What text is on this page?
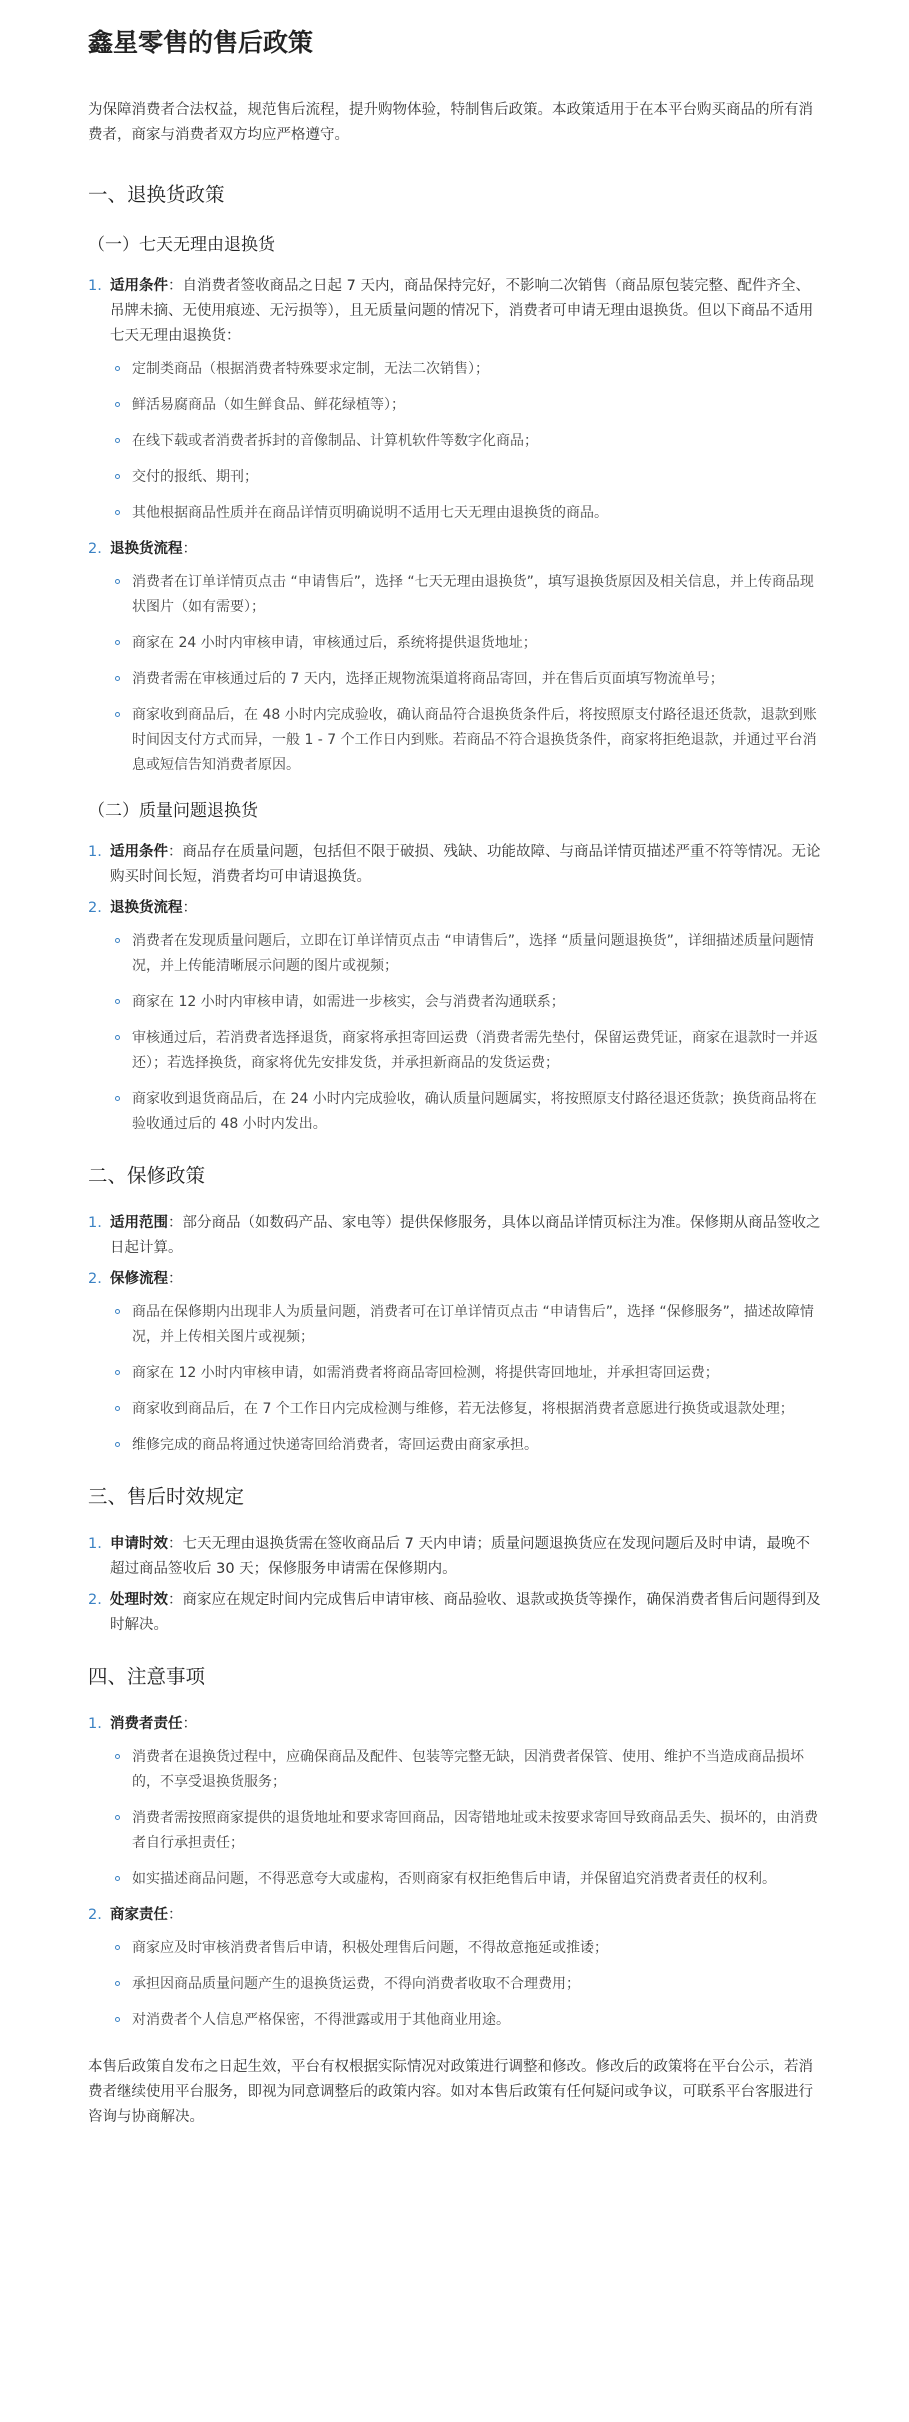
鑫星零售的售后政策

为保障消费者合法权益，规范售后流程，提升购物体验，特制售后政策。本政策适用于在本平台购买商品的所有消费者，商家与消费者双方均应严格遵守。

一、退换货政策
（一）七天无理由退换货
1. 适用条件：自消费者签收商品之日起 7 天内，商品保持完好，不影响二次销售（商品原包装完整、配件齐全、吊牌未摘、无使用痕迹、无污损等），且无质量问题的情况下，消费者可申请无理由退换货。但以下商品不适用七天无理由退换货：
定制类商品（根据消费者特殊要求定制，无法二次销售）；
鲜活易腐商品（如生鲜食品、鲜花绿植等）；
在线下载或者消费者拆封的音像制品、计算机软件等数字化商品；
交付的报纸、期刊；
其他根据商品性质并在商品详情页明确说明不适用七天无理由退换货的商品。
2. 退换货流程：
消费者在订单详情页点击 “申请售后”，选择 “七天无理由退换货”，填写退换货原因及相关信息，并上传商品现状图片（如有需要）；
商家在 24 小时内审核申请，审核通过后，系统将提供退货地址；
消费者需在审核通过后的 7 天内，选择正规物流渠道将商品寄回，并在售后页面填写物流单号；
商家收到商品后，在 48 小时内完成验收，确认商品符合退换货条件后，将按照原支付路径退还货款，退款到账时间因支付方式而异，一般 1 - 7 个工作日内到账。若商品不符合退换货条件，商家将拒绝退款，并通过平台消息或短信告知消费者原因。
（二）质量问题退换货
1. 适用条件：商品存在质量问题，包括但不限于破损、残缺、功能故障、与商品详情页描述严重不符等情况。无论购买时间长短，消费者均可申请退换货。
2. 退换货流程：
消费者在发现质量问题后，立即在订单详情页点击 “申请售后”，选择 “质量问题退换货”，详细描述质量问题情况，并上传能清晰展示问题的图片或视频；
商家在 12 小时内审核申请，如需进一步核实，会与消费者沟通联系；
审核通过后，若消费者选择退货，商家将承担寄回运费（消费者需先垫付，保留运费凭证，商家在退款时一并返还）；若选择换货，商家将优先安排发货，并承担新商品的发货运费；
商家收到退货商品后，在 24 小时内完成验收，确认质量问题属实，将按照原支付路径退还货款；换货商品将在验收通过后的 48 小时内发出。
二、保修政策
1. 适用范围：部分商品（如数码产品、家电等）提供保修服务，具体以商品详情页标注为准。保修期从商品签收之日起计算。
2. 保修流程：
商品在保修期内出现非人为质量问题，消费者可在订单详情页点击 “申请售后”，选择 “保修服务”，描述故障情况，并上传相关图片或视频；
商家在 12 小时内审核申请，如需消费者将商品寄回检测，将提供寄回地址，并承担寄回运费；
商家收到商品后，在 7 个工作日内完成检测与维修，若无法修复，将根据消费者意愿进行换货或退款处理；
维修完成的商品将通过快递寄回给消费者，寄回运费由商家承担。
三、售后时效规定
1. 申请时效：七天无理由退换货需在签收商品后 7 天内申请；质量问题退换货应在发现问题后及时申请，最晚不超过商品签收后 30 天；保修服务申请需在保修期内。
2. 处理时效：商家应在规定时间内完成售后申请审核、商品验收、退款或换货等操作，确保消费者售后问题得到及时解决。
四、注意事项
1. 消费者责任：
消费者在退换货过程中，应确保商品及配件、包装等完整无缺，因消费者保管、使用、维护不当造成商品损坏的，不享受退换货服务；
消费者需按照商家提供的退货地址和要求寄回商品，因寄错地址或未按要求寄回导致商品丢失、损坏的，由消费者自行承担责任；
如实描述商品问题，不得恶意夸大或虚构，否则商家有权拒绝售后申请，并保留追究消费者责任的权利。
2. 商家责任：
商家应及时审核消费者售后申请，积极处理售后问题，不得故意拖延或推诿；
承担因商品质量问题产生的退换货运费，不得向消费者收取不合理费用；
对消费者个人信息严格保密，不得泄露或用于其他商业用途。

本售后政策自发布之日起生效，平台有权根据实际情况对政策进行调整和修改。修改后的政策将在平台公示，若消费者继续使用平台服务，即视为同意调整后的政策内容。如对本售后政策有任何疑问或争议，可联系平台客服进行咨询与协商解决。
